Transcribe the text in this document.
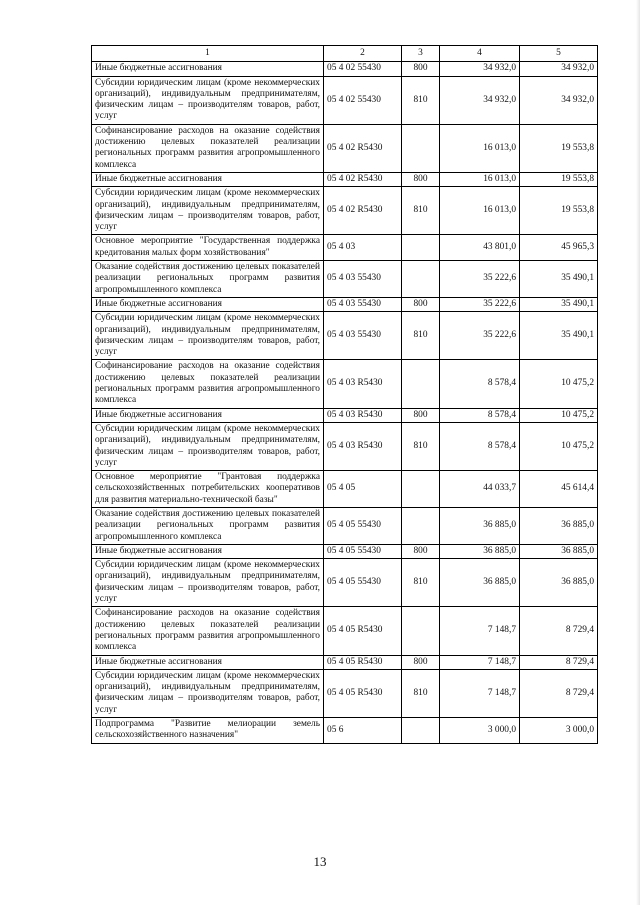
1	2	3	4	5
Иные бюджетные ассигнования	05 4 02 55430	800	34 932,0	34 932,0
Субсидии юридическим лицам (кроме некоммерческих организаций), индивидуальным предпринимателям, физическим лицам – производителям товаров, работ, услуг	05 4 02 55430	810	34 932,0	34 932,0
Софинансирование расходов на оказание содействия достижению целевых показателей реализации региональных программ развития агропромышленного комплекса	05 4 02 R5430		16 013,0	19 553,8
Иные бюджетные ассигнования	05 4 02 R5430	800	16 013,0	19 553,8
Субсидии юридическим лицам (кроме некоммерческих организаций), индивидуальным предпринимателям, физическим лицам – производителям товаров, работ, услуг	05 4 02 R5430	810	16 013,0	19 553,8
Основное мероприятие "Государственная поддержка кредитования малых форм хозяйствования"	05 4 03		43 801,0	45 965,3
Оказание содействия достижению целевых показателей реализации региональных программ развития агропромышленного комплекса	05 4 03 55430		35 222,6	35 490,1
Иные бюджетные ассигнования	05 4 03 55430	800	35 222,6	35 490,1
Субсидии юридическим лицам (кроме некоммерческих организаций), индивидуальным предпринимателям, физическим лицам – производителям товаров, работ, услуг	05 4 03 55430	810	35 222,6	35 490,1
Софинансирование расходов на оказание содействия достижению целевых показателей реализации региональных программ развития агропромышленного комплекса	05 4 03 R5430		8 578,4	10 475,2
Иные бюджетные ассигнования	05 4 03 R5430	800	8 578,4	10 475,2
Субсидии юридическим лицам (кроме некоммерческих организаций), индивидуальным предпринимателям, физическим лицам – производителям товаров, работ, услуг	05 4 03 R5430	810	8 578,4	10 475,2
Основное мероприятие "Грантовая поддержка сельскохозяйственных потребительских кооперативов для развития материально-технической базы"	05 4 05		44 033,7	45 614,4
Оказание содействия достижению целевых показателей реализации региональных программ развития агропромышленного комплекса	05 4 05 55430		36 885,0	36 885,0
Иные бюджетные ассигнования	05 4 05 55430	800	36 885,0	36 885,0
Субсидии юридическим лицам (кроме некоммерческих организаций), индивидуальным предпринимателям, физическим лицам – производителям товаров, работ, услуг	05 4 05 55430	810	36 885,0	36 885,0
Софинансирование расходов на оказание содействия достижению целевых показателей реализации региональных программ развития агропромышленного комплекса	05 4 05 R5430		7 148,7	8 729,4
Иные бюджетные ассигнования	05 4 05 R5430	800	7 148,7	8 729,4
Субсидии юридическим лицам (кроме некоммерческих организаций), индивидуальным предпринимателям, физическим лицам – производителям товаров, работ, услуг	05 4 05 R5430	810	7 148,7	8 729,4
Подпрограмма "Развитие мелиорации земель сельскохозяйственного назначения"	05 6		3 000,0	3 000,0
13
